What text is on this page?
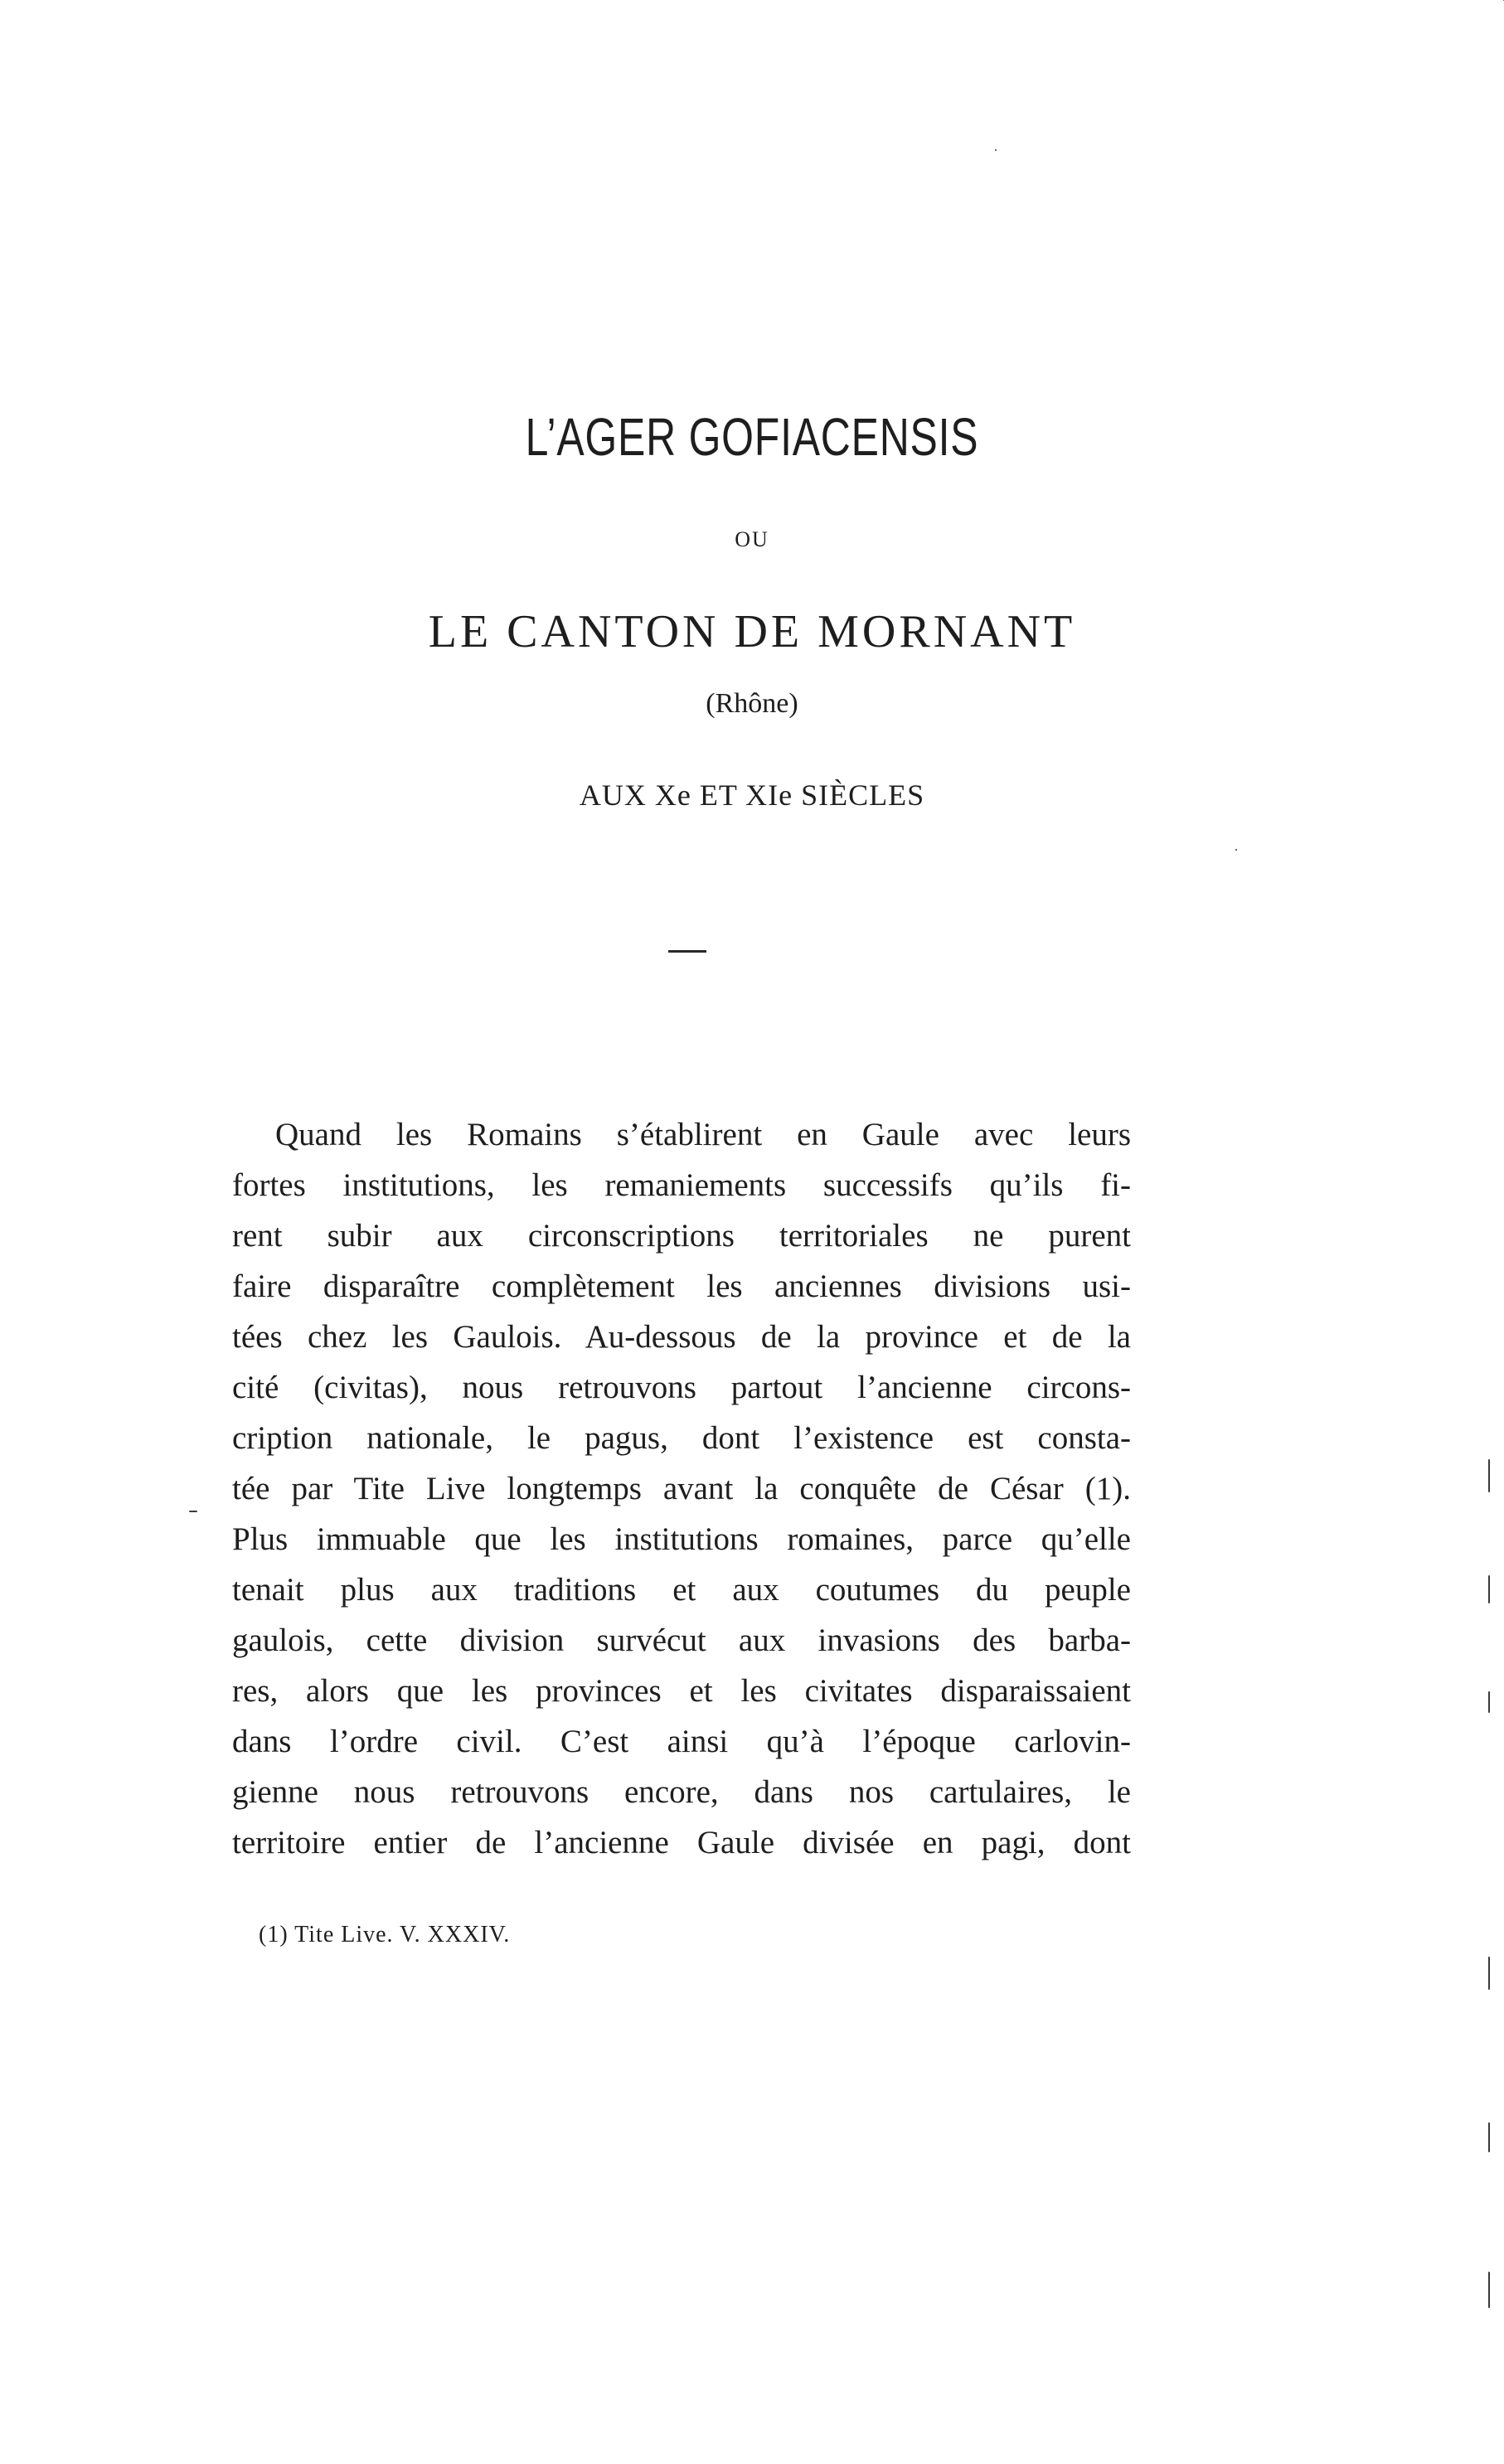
L’AGER GOFIACENSIS
OU
LE CANTON DE MORNANT
(Rhône)
AUX Xe ET XIe SIÈCLES
Quand les Romains s’établirent en Gaule avec leurs
fortes institutions, les remaniements successifs qu’ils fi-
rent subir aux circonscriptions territoriales ne purent
faire disparaître complètement les anciennes divisions usi-
tées chez les Gaulois. Au-dessous de la province et de la
cité (civitas), nous retrouvons partout l’ancienne circons-
cription nationale, le pagus, dont l’existence est consta-
tée par Tite Live longtemps avant la conquête de César (1).
Plus immuable que les institutions romaines, parce qu’elle
tenait plus aux traditions et aux coutumes du peuple
gaulois, cette division survécut aux invasions des barba-
res, alors que les provinces et les civitates disparaissaient
dans l’ordre civil. C’est ainsi qu’à l’époque carlovin-
gienne nous retrouvons encore, dans nos cartulaires, le
territoire entier de l’ancienne Gaule divisée en pagi, dont
(1) Tite Live. V. XXXIV.
